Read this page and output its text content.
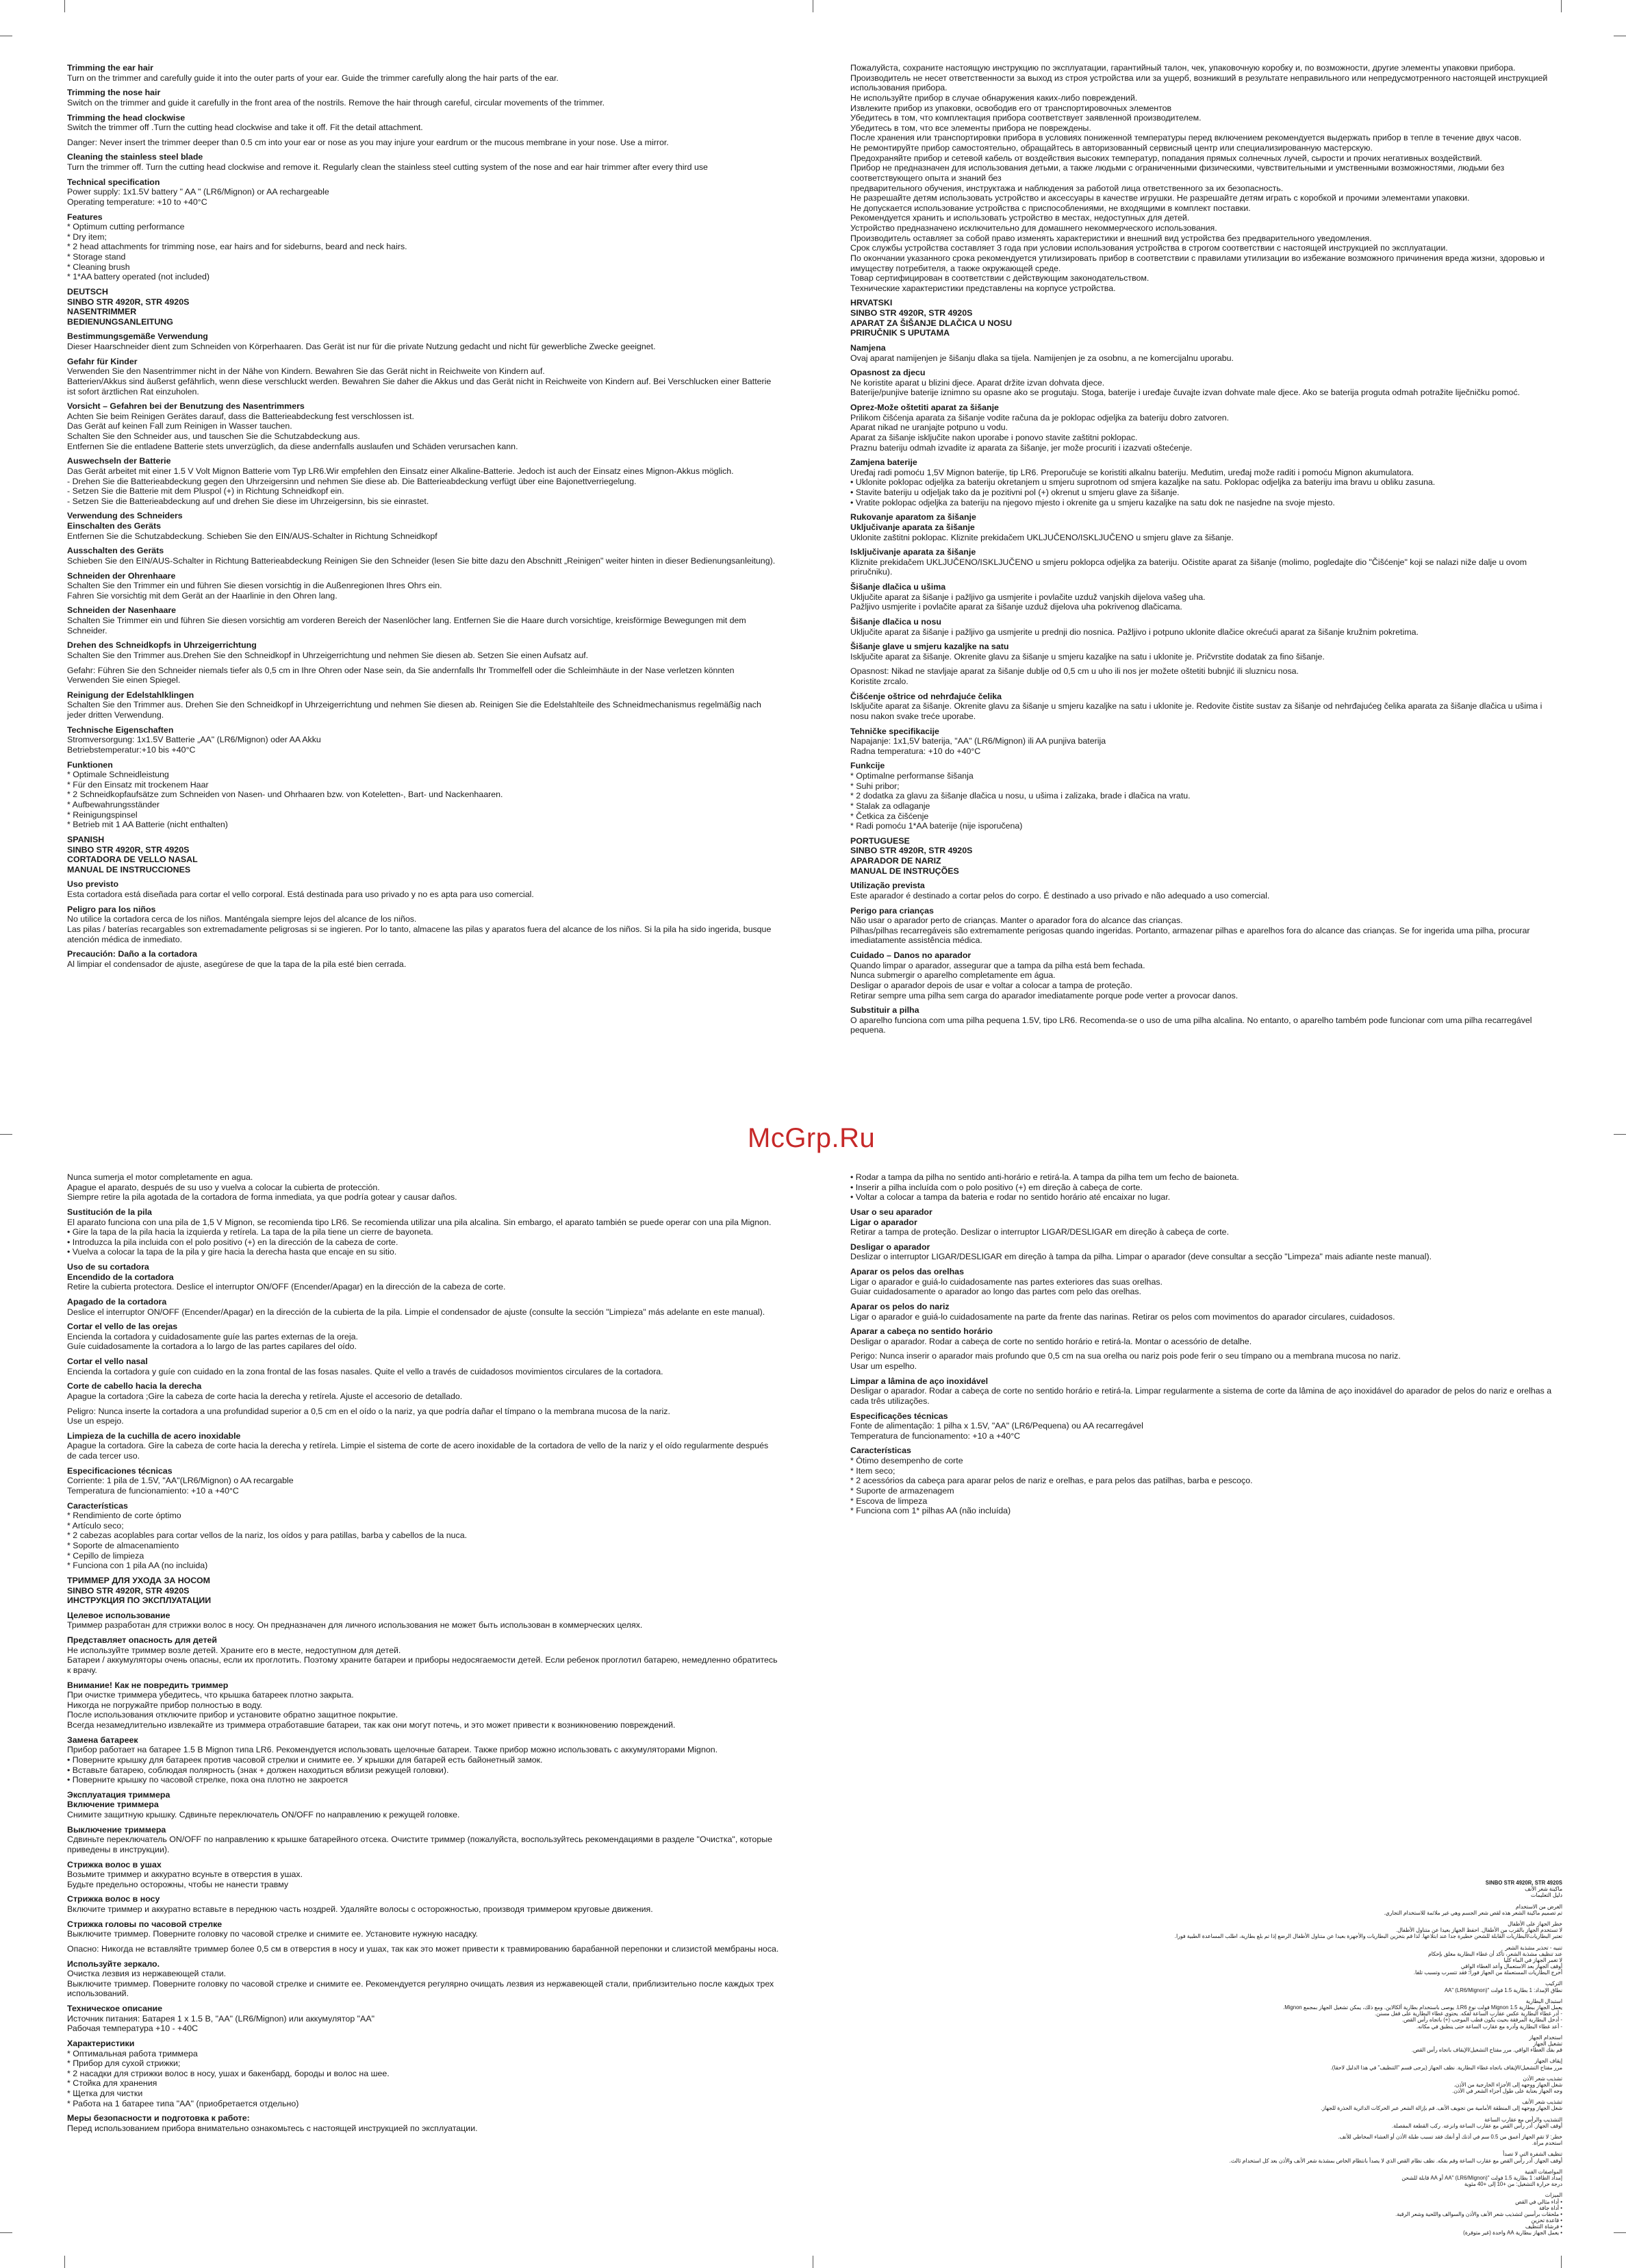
Trimming the ear hair
Turn on the trimmer and carefully guide it into the outer parts of your ear. Guide the trimmer carefully along the hair parts of the ear.

Trimming the nose hair
Switch on the trimmer and guide it carefully in the front area of the nostrils. Remove the hair through careful, circular movements of the trimmer.

Trimming the head clockwise
Switch the trimmer off .Turn the cutting head clockwise and take it off. Fit the detail attachment.

Danger: Never insert the trimmer deeper than 0.5 cm into your ear or nose as you may injure your eardrum or the mucous membrane in your nose. Use a mirror.

Cleaning the stainless steel blade
Turn the trimmer off. Turn the cutting head clockwise and remove it. Regularly clean the stainless steel cutting system of the nose and ear hair trimmer after every third use

Technical specification
Power supply: 1x1.5V battery " AA " (LR6/Mignon) or AA rechargeable
Operating temperature: +10 to +40°C

Features
* Optimum cutting performance
* Dry item;
* 2 head attachments for trimming nose, ear hairs and for sideburns, beard and neck hairs.
* Storage stand
* Cleaning brush
* 1*AA battery operated (not included)

DEUTSCH
SINBO STR 4920R, STR 4920S
NASENTRIMMER
BEDIENUNGSANLEITUNG

Bestimmungsgemäße Verwendung
Dieser Haarschneider dient zum Schneiden von Körperhaaren. Das Gerät ist nur für die private Nutzung gedacht und nicht für gewerbliche Zwecke geeignet.

Gefahr für Kinder
Verwenden Sie den Nasentrimmer nicht in der Nähe von Kindern. Bewahren Sie das Gerät nicht in Reichweite von Kindern auf.
Batterien/Akkus sind äußerst gefährlich, wenn diese verschluckt werden. Bewahren Sie daher die Akkus und das Gerät nicht in Reichweite von Kindern auf. Bei Verschlucken einer Batterie ist sofort ärztlichen Rat einzuholen.

Vorsicht – Gefahren bei der Benutzung des Nasentrimmers
Achten Sie beim Reinigen Gerätes darauf, dass die Batterieabdeckung fest verschlossen ist.
Das Gerät auf keinen Fall zum Reinigen in Wasser tauchen.
Schalten Sie den Schneider aus, und tauschen Sie die Schutzabdeckung aus.
Entfernen Sie die entladene Batterie stets unverzüglich, da diese andernfalls auslaufen und Schäden verursachen kann.

Auswechseln der Batterie
Das Gerät arbeitet mit einer 1.5 V Volt Mignon Batterie vom Typ LR6.Wir empfehlen den Einsatz einer Alkaline-Batterie. Jedoch ist auch der Einsatz eines Mignon-Akkus möglich.
- Drehen Sie die Batterieabdeckung gegen den Uhrzeigersinn und nehmen Sie diese ab. Die Batterieabdeckung verfügt über eine Bajonettverriegelung.
- Setzen Sie die Batterie mit dem Pluspol (+) in Richtung Schneidkopf ein.
- Setzen Sie die Batterieabdeckung auf und drehen Sie diese im Uhrzeigersinn, bis sie einrastet.

Verwendung des Schneiders
Einschalten des Geräts
Entfernen Sie die Schutzabdeckung. Schieben Sie den EIN/AUS-Schalter in Richtung Schneidkopf

Ausschalten des Geräts
Schieben Sie den EIN/AUS-Schalter in Richtung Batterieabdeckung Reinigen Sie den Schneider (lesen Sie bitte dazu den Abschnitt „Reinigen" weiter hinten in dieser Bedienungsanleitung).

Schneiden der Ohrenhaare
Schalten Sie den Trimmer ein und führen Sie diesen vorsichtig in die Außenregionen Ihres Ohrs ein.
Fahren Sie vorsichtig mit dem Gerät an der Haarlinie in den Ohren lang.

Schneiden der Nasenhaare
Schalten Sie Trimmer ein und führen Sie diesen vorsichtig am vorderen Bereich der Nasenlöcher lang. Entfernen Sie die Haare durch vorsichtige, kreisförmige Bewegungen mit dem Schneider.

Drehen des Schneidkopfs in Uhrzeigerrichtung
Schalten Sie den Trimmer aus.Drehen Sie den Schneidkopf in Uhrzeigerrichtung und nehmen Sie diesen ab. Setzen Sie einen Aufsatz auf.

Gefahr: Führen Sie den Schneider niemals tiefer als 0,5 cm in Ihre Ohren oder Nase sein, da Sie andernfalls Ihr Trommelfell oder die Schleimhäute in der Nase verletzen könnten
Verwenden Sie einen Spiegel.

Reinigung der Edelstahlklingen
Schalten Sie den Trimmer aus. Drehen Sie den Schneidkopf in Uhrzeigerrichtung und nehmen Sie diesen ab. Reinigen Sie die Edelstahlteile des Schneidmechanismus regelmäßig nach jeder dritten Verwendung.

Technische Eigenschaften
Stromversorgung: 1x1.5V Batterie „AA" (LR6/Mignon) oder AA Akku
Betriebstemperatur:+10 bis +40°C

Funktionen
* Optimale Schneidleistung
* Für den Einsatz mit trockenem Haar
* 2 Schneidkopfaufsätze zum Schneiden von Nasen- und Ohrhaaren bzw. von Koteletten-, Bart- und Nackenhaaren.
* Aufbewahrungsständer
* Reinigungspinsel
* Betrieb mit 1 AA Batterie (nicht enthalten)

SPANISH
SINBO STR 4920R, STR 4920S
CORTADORA DE VELLO NASAL
MANUAL DE INSTRUCCIONES

Uso previsto
Esta cortadora está diseñada para cortar el vello corporal. Está destinada para uso privado y no es apta para uso comercial.

Peligro para los niños
No utilice la cortadora cerca de los niños. Manténgala siempre lejos del alcance de los niños.
Las pilas / baterías recargables son extremadamente peligrosas si se ingieren. Por lo tanto, almacene las pilas y aparatos fuera del alcance de los niños. Si la pila ha sido ingerida, busque atención médica de inmediato.

Precaución: Daño a la cortadora
Al limpiar el condensador de ajuste, asegúrese de que la tapa de la pila esté bien cerrada.

Пожалуйста, сохраните настоящую инструкцию по эксплуатации, гарантийный талон, чек, упаковочную коробку и, по возможности, другие элементы упаковки прибора.
Производитель не несет ответственности за выход из строя устройства или за ущерб, возникший в результате неправильного или непредусмотренного настоящей инструкцией использования прибора.
Не используйте прибор в случае обнаружения каких-либо повреждений.
Извлеките прибор из упаковки, освободив его от транспортировочных элементов
Убедитесь в том, что комплектация прибора соответствует заявленной производителем.
Убедитесь в том, что все элементы прибора не повреждены.
После хранения или транспортировки прибора в условиях пониженной температуры перед включением рекомендуется выдержать прибор в тепле в течение двух часов.
Не ремонтируйте прибор самостоятельно, обращайтесь в авторизованный сервисный центр или специализированную мастерскую.
Предохраняйте прибор и сетевой кабель от воздействия высоких температур, попадания прямых солнечных лучей, сырости и прочих негативных воздействий.
Прибор не предназначен для использования детьми, а также людьми с ограниченными физическими, чувствительными и умственными возможностями, людьми без соответствующего опыта и знаний без
предварительного обучения, инструктажа и наблюдения за работой лица ответственного за их безопасность.
Не разрешайте детям использовать устройство и аксессуары в качестве игрушки. Не разрешайте детям играть с коробкой и прочими элементами упаковки.
Не допускается использование устройства с приспособлениями, не входящими в комплект поставки.
Рекомендуется хранить и использовать устройство в местах, недоступных для детей.
Устройство предназначено исключительно для домашнего некоммерческого использования.
Производитель оставляет за собой право изменять характеристики и внешний вид устройства без предварительного уведомления.
Срок службы устройства составляет 3 года при условии использования устройства в строгом соответствии с настоящей инструкцией по эксплуатации.
По окончании указанного срока рекомендуется утилизировать прибор в соответствии с правилами утилизации во избежание возможного причинения вреда жизни, здоровью и имуществу потребителя, а также окружающей среде.
Товар сертифицирован в соответствии с действующим законодательством.
Технические характеристики представлены на корпусе устройства.

HRVATSKI
SINBO STR 4920R, STR 4920S
APARAT ZA ŠIŠANJE DLAČICA U NOSU
PRIRUČNIK S UPUTAMA

Namjena
Ovaj aparat namijenjen je šišanju dlaka sa tijela. Namijenjen je za osobnu, a ne komercijalnu uporabu.

Opasnost za djecu
Ne koristite aparat u blizini djece. Aparat držite izvan dohvata djece.
Baterije/punjive baterije iznimno su opasne ako se progutaju. Stoga, baterije i uređaje čuvajte izvan dohvate male djece. Ako se baterija proguta odmah potražite liječničku pomoć.

Oprez-Može oštetiti aparat za šišanje
Prilikom čišćenja aparata za šišanje vodite računa da je poklopac odjeljka za bateriju dobro zatvoren.
Aparat nikad ne uranjajte potpuno u vodu.
Aparat za šišanje isključite nakon uporabe i ponovo stavite zaštitni poklopac.
Praznu bateriju odmah izvadite iz aparata za šišanje, jer može procuriti i izazvati oštećenje.

Zamjena baterije
Uređaj radi pomoću 1,5V Mignon baterije, tip LR6. Preporučuje se koristiti alkalnu bateriju. Međutim, uređaj može raditi i pomoću Mignon akumulatora.
• Uklonite poklopac odjeljka za bateriju okretanjem u smjeru suprotnom od smjera kazaljke na satu. Poklopac odjeljka za bateriju ima bravu u obliku zasuna.
• Stavite bateriju u odjeljak tako da je pozitivni pol (+) okrenut u smjeru glave za šišanje.
• Vratite poklopac odjeljka za bateriju na njegovo mjesto i okrenite ga u smjeru kazaljke na satu dok ne nasjedne na svoje mjesto.

Rukovanje aparatom za šišanje
Uključivanje aparata za šišanje
Uklonite zaštitni poklopac. Kliznite prekidačem UKLJUČENO/ISKLJUČENO u smjeru glave za šišanje.

Isključivanje aparata za šišanje
Kliznite prekidačem UKLJUČENO/ISKLJUČENO u smjeru poklopca odjeljka za bateriju. Očistite aparat za šišanje (molimo, pogledajte dio "Čišćenje" koji se nalazi niže dalje u ovom priručniku).

Šišanje dlačica u ušima
Uključite aparat za šišanje i pažljivo ga usmjerite i povlačite uzduž vanjskih dijelova vašeg uha.
Pažljivo usmjerite i povlačite aparat za šišanje uzduž dijelova uha pokrivenog dlačicama.

Šišanje dlačica u nosu
Uključite aparat za šišanje i pažljivo ga usmjerite u prednji dio nosnica. Pažljivo i potpuno uklonite dlačice okrećući aparat za šišanje kružnim pokretima.

Šišanje glave u smjeru kazaljke na satu
Isključite aparat za šišanje. Okrenite glavu za šišanje u smjeru kazaljke na satu i uklonite je. Pričvrstite dodatak za fino šišanje.

Opasnost: Nikad ne stavljaje aparat za šišanje dublje od 0,5 cm u uho ili nos jer možete oštetiti bubnjić ili sluznicu nosa.
Koristite zrcalo.

Čišćenje oštrice od nehrđajuće čelika
Isključite aparat za šišanje. Okrenite glavu za šišanje u smjeru kazaljke na satu i uklonite je. Redovite čistite sustav za šišanje od nehrđajućeg čelika aparata za šišanje dlačica u ušima i nosu nakon svake treće uporabe.

Tehničke specifikacije
Napajanje: 1x1,5V baterija, "AA" (LR6/Mignon) ili AA punjiva baterija
Radna temperatura: +10 do +40°C

Funkcije
* Optimalne performanse šišanja
* Suhi pribor;
* 2 dodatka za glavu za šišanje dlačica u nosu, u ušima i zalizaka, brade i dlačica na vratu.
* Stalak za odlaganje
* Četkica za čišćenje
* Radi pomoću 1*AA baterije (nije isporučena)

PORTUGUESE
SINBO STR 4920R, STR 4920S
APARADOR DE NARIZ
MANUAL DE INSTRUÇÕES

Utilização prevista
Este aparador é destinado a cortar pelos do corpo. É destinado a uso privado e não adequado a uso comercial.

Perigo para crianças
Não usar o aparador perto de crianças. Manter o aparador fora do alcance das crianças.
Pilhas/pilhas recarregáveis são extremamente perigosas quando ingeridas. Portanto, armazenar pilhas e aparelhos fora do alcance das crianças. Se for ingerida uma pilha, procurar imediatamente assistência médica.

Cuidado – Danos no aparador
Quando limpar o aparador, assegurar que a tampa da pilha está bem fechada.
Nunca submergir o aparelho completamente em água.
Desligar o aparador depois de usar e voltar a colocar a tampa de proteção.
Retirar sempre uma pilha sem carga do aparador imediatamente porque pode verter a provocar danos.

Substituir a pilha
O aparelho funciona com uma pilha pequena 1.5V, tipo LR6. Recomenda-se o uso de uma pilha alcalina. No entanto, o aparelho também pode funcionar com uma pilha recarregável pequena.

Nunca sumerja el motor completamente en agua.
Apague el aparato, después de su uso y vuelva a colocar la cubierta de protección.
Siempre retire la pila agotada de la cortadora de forma inmediata, ya que podría gotear y causar daños.

Sustitución de la pila
El aparato funciona con una pila de 1,5 V Mignon, se recomienda tipo LR6. Se recomienda utilizar una pila alcalina. Sin embargo, el aparato también se puede operar con una pila Mignon.
• Gire la tapa de la pila hacia la izquierda y retírela. La tapa de la pila tiene un cierre de bayoneta.
• Introduzca la pila incluida con el polo positivo (+) en la dirección de la cabeza de corte.
• Vuelva a colocar la tapa de la pila y gire hacia la derecha hasta que encaje en su sitio.

Uso de su cortadora
Encendido de la cortadora
Retire la cubierta protectora. Deslice el interruptor ON/OFF (Encender/Apagar) en la dirección de la cabeza de corte.

Apagado de la cortadora
Deslice el interruptor ON/OFF (Encender/Apagar) en la dirección de la cubierta de la pila. Limpie el condensador de ajuste (consulte la sección "Limpieza" más adelante en este manual).

Cortar el vello de las orejas
Encienda la cortadora y cuidadosamente guíe las partes externas de la oreja.
Guíe cuidadosamente la cortadora a lo largo de las partes capilares del oído.

Cortar el vello nasal
Encienda la cortadora y guíe con cuidado en la zona frontal de las fosas nasales. Quite el vello a través de cuidadosos movimientos circulares de la cortadora.

Corte de cabello hacia la derecha
Apague la cortadora ;Gire la cabeza de corte hacia la derecha y retírela. Ajuste el accesorio de detallado.

Peligro: Nunca inserte la cortadora a una profundidad superior a 0,5 cm en el oído o la nariz, ya que podría dañar el tímpano o la membrana mucosa de la nariz.
Use un espejo.

Limpieza de la cuchilla de acero inoxidable
Apague la cortadora. Gire la cabeza de corte hacia la derecha y retírela. Limpie el sistema de corte de acero inoxidable de la cortadora de vello de la nariz y el oído regularmente después de cada tercer uso.

Especificaciones técnicas
Corriente: 1 pila de 1.5V, "AA"(LR6/Mignon) o AA recargable
Temperatura de funcionamiento: +10 a +40°C

Características
* Rendimiento de corte óptimo
* Artículo seco;
* 2 cabezas acoplables para cortar vellos de la nariz, los oídos y para patillas, barba y cabellos de la nuca.
* Soporte de almacenamiento
* Cepillo de limpieza
* Funciona con 1 pila AA (no incluida)

ТРИММЕР ДЛЯ УХОДА ЗА НОСОМ
SINBO STR 4920R, STR 4920S
ИНСТРУКЦИЯ ПО ЭКСПЛУАТАЦИИ

Целевое использование
Триммер разработан для стрижки волос в носу. Он предназначен для личного использования не может быть использован в коммерческих целях.

Представляет опасность для детей
Не используйте триммер возле детей. Храните его в месте, недоступном для детей.
Батареи / аккумуляторы очень опасны, если их проглотить. Поэтому храните батареи и приборы недосягаемости детей. Если ребенок проглотил батарею, немедленно обратитесь к врачу.

Внимание! Как не повредить триммер
При очистке триммера убедитесь, что крышка батареек плотно закрыта.
Никогда не погружайте прибор полностью в воду.
После использования отключите прибор и установите обратно защитное покрытие.
Всегда незамедлительно извлекайте из триммера отработавшие батареи, так как они могут потечь, и это может привести к возникновению повреждений.

Замена батареек
Прибор работает на батарее 1.5 В Mignon типа LR6. Рекомендуется использовать щелочные батареи. Также прибор можно использовать с аккумуляторами Mignon.
• Поверните крышку для батареек против часовой стрелки и снимите ее. У крышки для батарей есть байонетный замок.
• Вставьте батарею, соблюдая полярность (знак + должен находиться вблизи режущей головки).
• Поверните крышку по часовой стрелке, пока она плотно не закроется

Эксплуатация триммера
Включение триммера
Снимите защитную крышку. Сдвиньте переключатель ON/OFF по направлению к режущей головке.

Выключение триммера
Сдвиньте переключатель ON/OFF по направлению к крышке батарейного отсека. Очистите триммер (пожалуйста, воспользуйтесь рекомендациями в разделе "Очистка", которые приведены в инструкции).

Стрижка волос в ушах
Возьмите триммер и аккуратно всуньте в отверстия в ушах.
Будьте предельно осторожны, чтобы не нанести травму

Стрижка волос в носу
Включите триммер и аккуратно вставьте в переднюю часть ноздрей. Удаляйте волосы с осторожностью, производя триммером круговые движения.

Стрижка головы по часовой стрелке
Выключите триммер. Поверните головку по часовой стрелке и снимите ее. Установите нужную насадку.

Опасно: Никогда не вставляйте триммер более 0,5 см в отверстия в носу и ушах, так как это может привести к травмированию барабанной перепонки и слизистой мембраны носа.

Используйте зеркало.
Очистка лезвия из нержавеющей стали.
Выключите триммер. Поверните головку по часовой стрелке и снимите ее. Рекомендуется регулярно очищать лезвия из нержавеющей стали, приблизительно после каждых трех использований.

Техническое описание
Источник питания: Батарея 1 x 1.5 В, "AA" (LR6/Mignon) или аккумулятор "AA"
Рабочая температура +10 - +40С

Характеристики
* Оптимальная работа триммера
* Прибор для сухой стрижки;
* 2 насадки для стрижки волос в носу, ушах и бакенбард, бороды и волос на шее.
* Стойка для хранения
* Щетка для чистки
* Работа на 1 батарее типа "AA" (приобретается отдельно)

Меры безопасности и подготовка к работе:
Перед использованием прибора внимательно ознакомьтесь с настоящей инструкцией по эксплуатации.

• Rodar a tampa da pilha no sentido anti-horário e retirá-la. A tampa da pilha tem um fecho de baioneta.
• Inserir a pilha incluída com o polo positivo (+) em direção à cabeça de corte.
• Voltar a colocar a tampa da bateria e rodar no sentido horário até encaixar no lugar.

Usar o seu aparador
Ligar o aparador
Retirar a tampa de proteção. Deslizar o interruptor LIGAR/DESLIGAR em direção à cabeça de corte.

Desligar o aparador
Deslizar o interruptor LIGAR/DESLIGAR em direção à tampa da pilha. Limpar o aparador (deve consultar a secção "Limpeza" mais adiante neste manual).

Aparar os pelos das orelhas
Ligar o aparador e guiá-lo cuidadosamente nas partes exteriores das suas orelhas.
Guiar cuidadosamente o aparador ao longo das partes com pelo das orelhas.

Aparar os pelos do nariz
Ligar o aparador e guiá-lo cuidadosamente na parte da frente das narinas. Retirar os pelos com movimentos do aparador circulares, cuidadosos.

Aparar a cabeça no sentido horário
Desligar o aparador. Rodar a cabeça de corte no sentido horário e retirá-la. Montar o acessório de detalhe.

Perigo: Nunca inserir o aparador mais profundo que 0,5 cm na sua orelha ou nariz pois pode ferir o seu tímpano ou a membrana mucosa no nariz.
Usar um espelho.

Limpar a lâmina de aço inoxidável
Desligar o aparador. Rodar a cabeça de corte no sentido horário e retirá-la. Limpar regularmente a sistema de corte da lâmina de aço inoxidável do aparador de pelos do nariz e orelhas a cada três utilizações.

Especificações técnicas
Fonte de alimentação: 1 pilha x 1.5V, "AA" (LR6/Pequena) ou AA recarregável
Temperatura de funcionamento: +10 a +40°C

Características
* Ótimo desempenho de corte
* Item seco;
* 2 acessórios da cabeça para aparar pelos de nariz e orelhas, e para pelos das patilhas, barba e pescoço.
* Suporte de armazenagem
* Escova de limpeza
* Funciona com 1* pilhas AA (não incluída)

SINBO STR 4920R, STR 4920S
ماكينة شعر الأنف
دليل التعليمات

الغرض من الاستخدام
تم تصميم ماكينة الشعر هذه لقص شعر الجسم وهي غير ملائمة للاستخدام التجاري.

خطر الجهاز على الأطفال
لا تستخدم الجهاز بالقرب من الأطفال. احفظ الجهاز بعيدا عن متناول الأطفال.
تعتبر البطاريات/البطاريات القابلة للشحن خطيرة جدا عند ابتلاعها. لذا قم بتخزين البطاريات والأجهزة بعيدا عن متناول الأطفال الرضع إذا تم بلع بطارية، اطلب المساعدة الطبية فورا.

تنبيه - تحذير مشذبة الشعر
عند تنظيف مشذبة الشعر، تأكد أن غطاء البطارية مغلق بإحكام
لا تغمر الجهاز في الماء كليا
أوقف الجهاز بعد الاستعمال وأعد الغطاء الواقي
أخرج البطاريات المستعملة من الجهاز فورا؛ فقد تتسرب وتسبب تلفا.

التركيب
نطاق الإمداد: 1 بطارية 1.5 فولت "AA" (LR6/Mignon)

استبدال البطارية
يعمل الجهاز ببطارية Mignon 1.5 فولت نوع LR6. يوصى باستخدام بطارية ألكالاين. ومع ذلك، يمكن تشغيل الجهاز بمجمع Mignon.
- أدر غطاء البطارية عكس عقارب الساعة لفكه. يحتوي غطاء البطارية على قفل مسنن.
- أدخل البطارية المرفقة بحيث يكون قطب الموجب (+) باتجاه رأس القص.
- أعد غطاء البطارية وأدره مع عقارب الساعة حتى ينطبق في مكانه.

استخدام الجهاز
تشغيل الجهاز
قم بفك الغطاء الواقي. مرر مفتاح التشغيل/الإيقاف باتجاه رأس القص.

إيقاف الجهاز
مرر مفتاح التشغيل/الإيقاف باتجاه غطاء البطارية. نظف الجهاز (يرجى قسم "التنظيف" في هذا الدليل لاحقا).

تشذيب شعر الأذن
شغل الجهاز ووجهه إلى الأجزاء الخارجية من الأذن.
وجه الجهاز بعناية على طول أجزاء الشعر في الأذن.

تشذيب شعر الأنف
شغل الجهاز ووجهه إلى المنطقة الأمامية من تجويف الأنف. قم بإزالة الشعر عبر الحركات الدائرية الحذرة للجهاز.

التشذيب والرأس مع عقارب الساعة
أوقف الجهاز. أدر رأس القص مع عقارب الساعة وانزعه. ركب القطعة المفصلة.

خطر: لا تقم الجهاز أعمق من 0.5 سم في أذنك أو أنفك فقد تسبب طبلة الأذن أو الغشاء المخاطي للأنف.
استخدم مرآة.

تنظيف الشفرة التي لا تصدأ
أوقف الجهاز. أدر رأس القص مع عقارب الساعة وقم بفكه. نظف نظام القص الذي لا يصدأ بانتظام الخاص بمشذبة شعر الأنف والأذن بعد كل استخدام ثالث.

المواصفات الفنية
إمداد الطاقة: 1 بطارية 1.5 فولت "AA" (LR6/Mignon) أو AA قابلة للشحن
درجة حرارة التشغيل: من +10 إلى +40 مئوية

الميزات
• أداء مثالي في القص
• أداة جافة
• ملحقات برأسين لتشذيب شعر الأنف والأذن والسوالف واللحية وشعر الرقبة.
• قاعدة تخزين
• فرشاة التنظيف
• يعمل الجهاز ببطارية AA واحدة (غير متوفرة)

McGrp.Ru
